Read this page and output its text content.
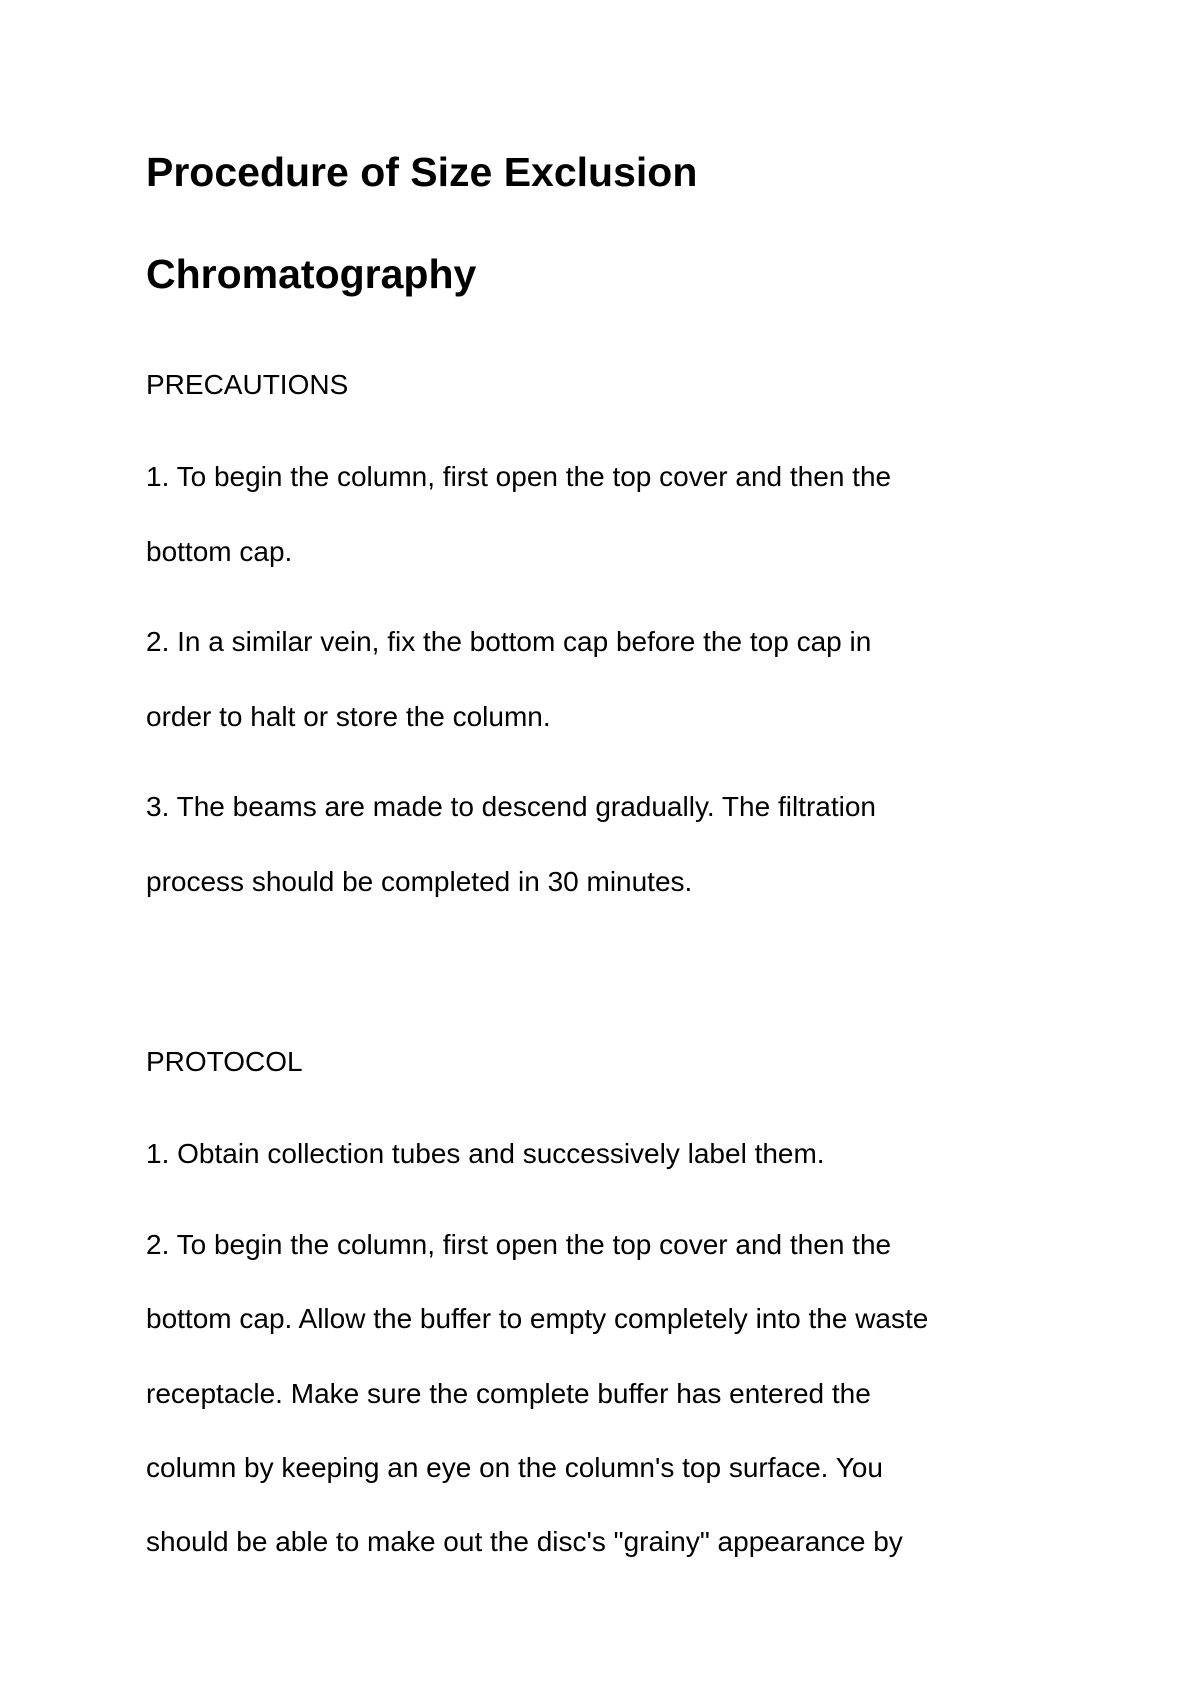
Procedure of Size Exclusion
Chromatography
PRECAUTIONS
1. To begin the column, first open the top cover and then the
bottom cap.
2. In a similar vein, fix the bottom cap before the top cap in
order to halt or store the column.
3. The beams are made to descend gradually. The filtration
process should be completed in 30 minutes.
PROTOCOL
1. Obtain collection tubes and successively label them.
2. To begin the column, first open the top cover and then the
bottom cap. Allow the buffer to empty completely into the waste
receptacle. Make sure the complete buffer has entered the
column by keeping an eye on the column's top surface. You
should be able to make out the disc's "grainy" appearance by
